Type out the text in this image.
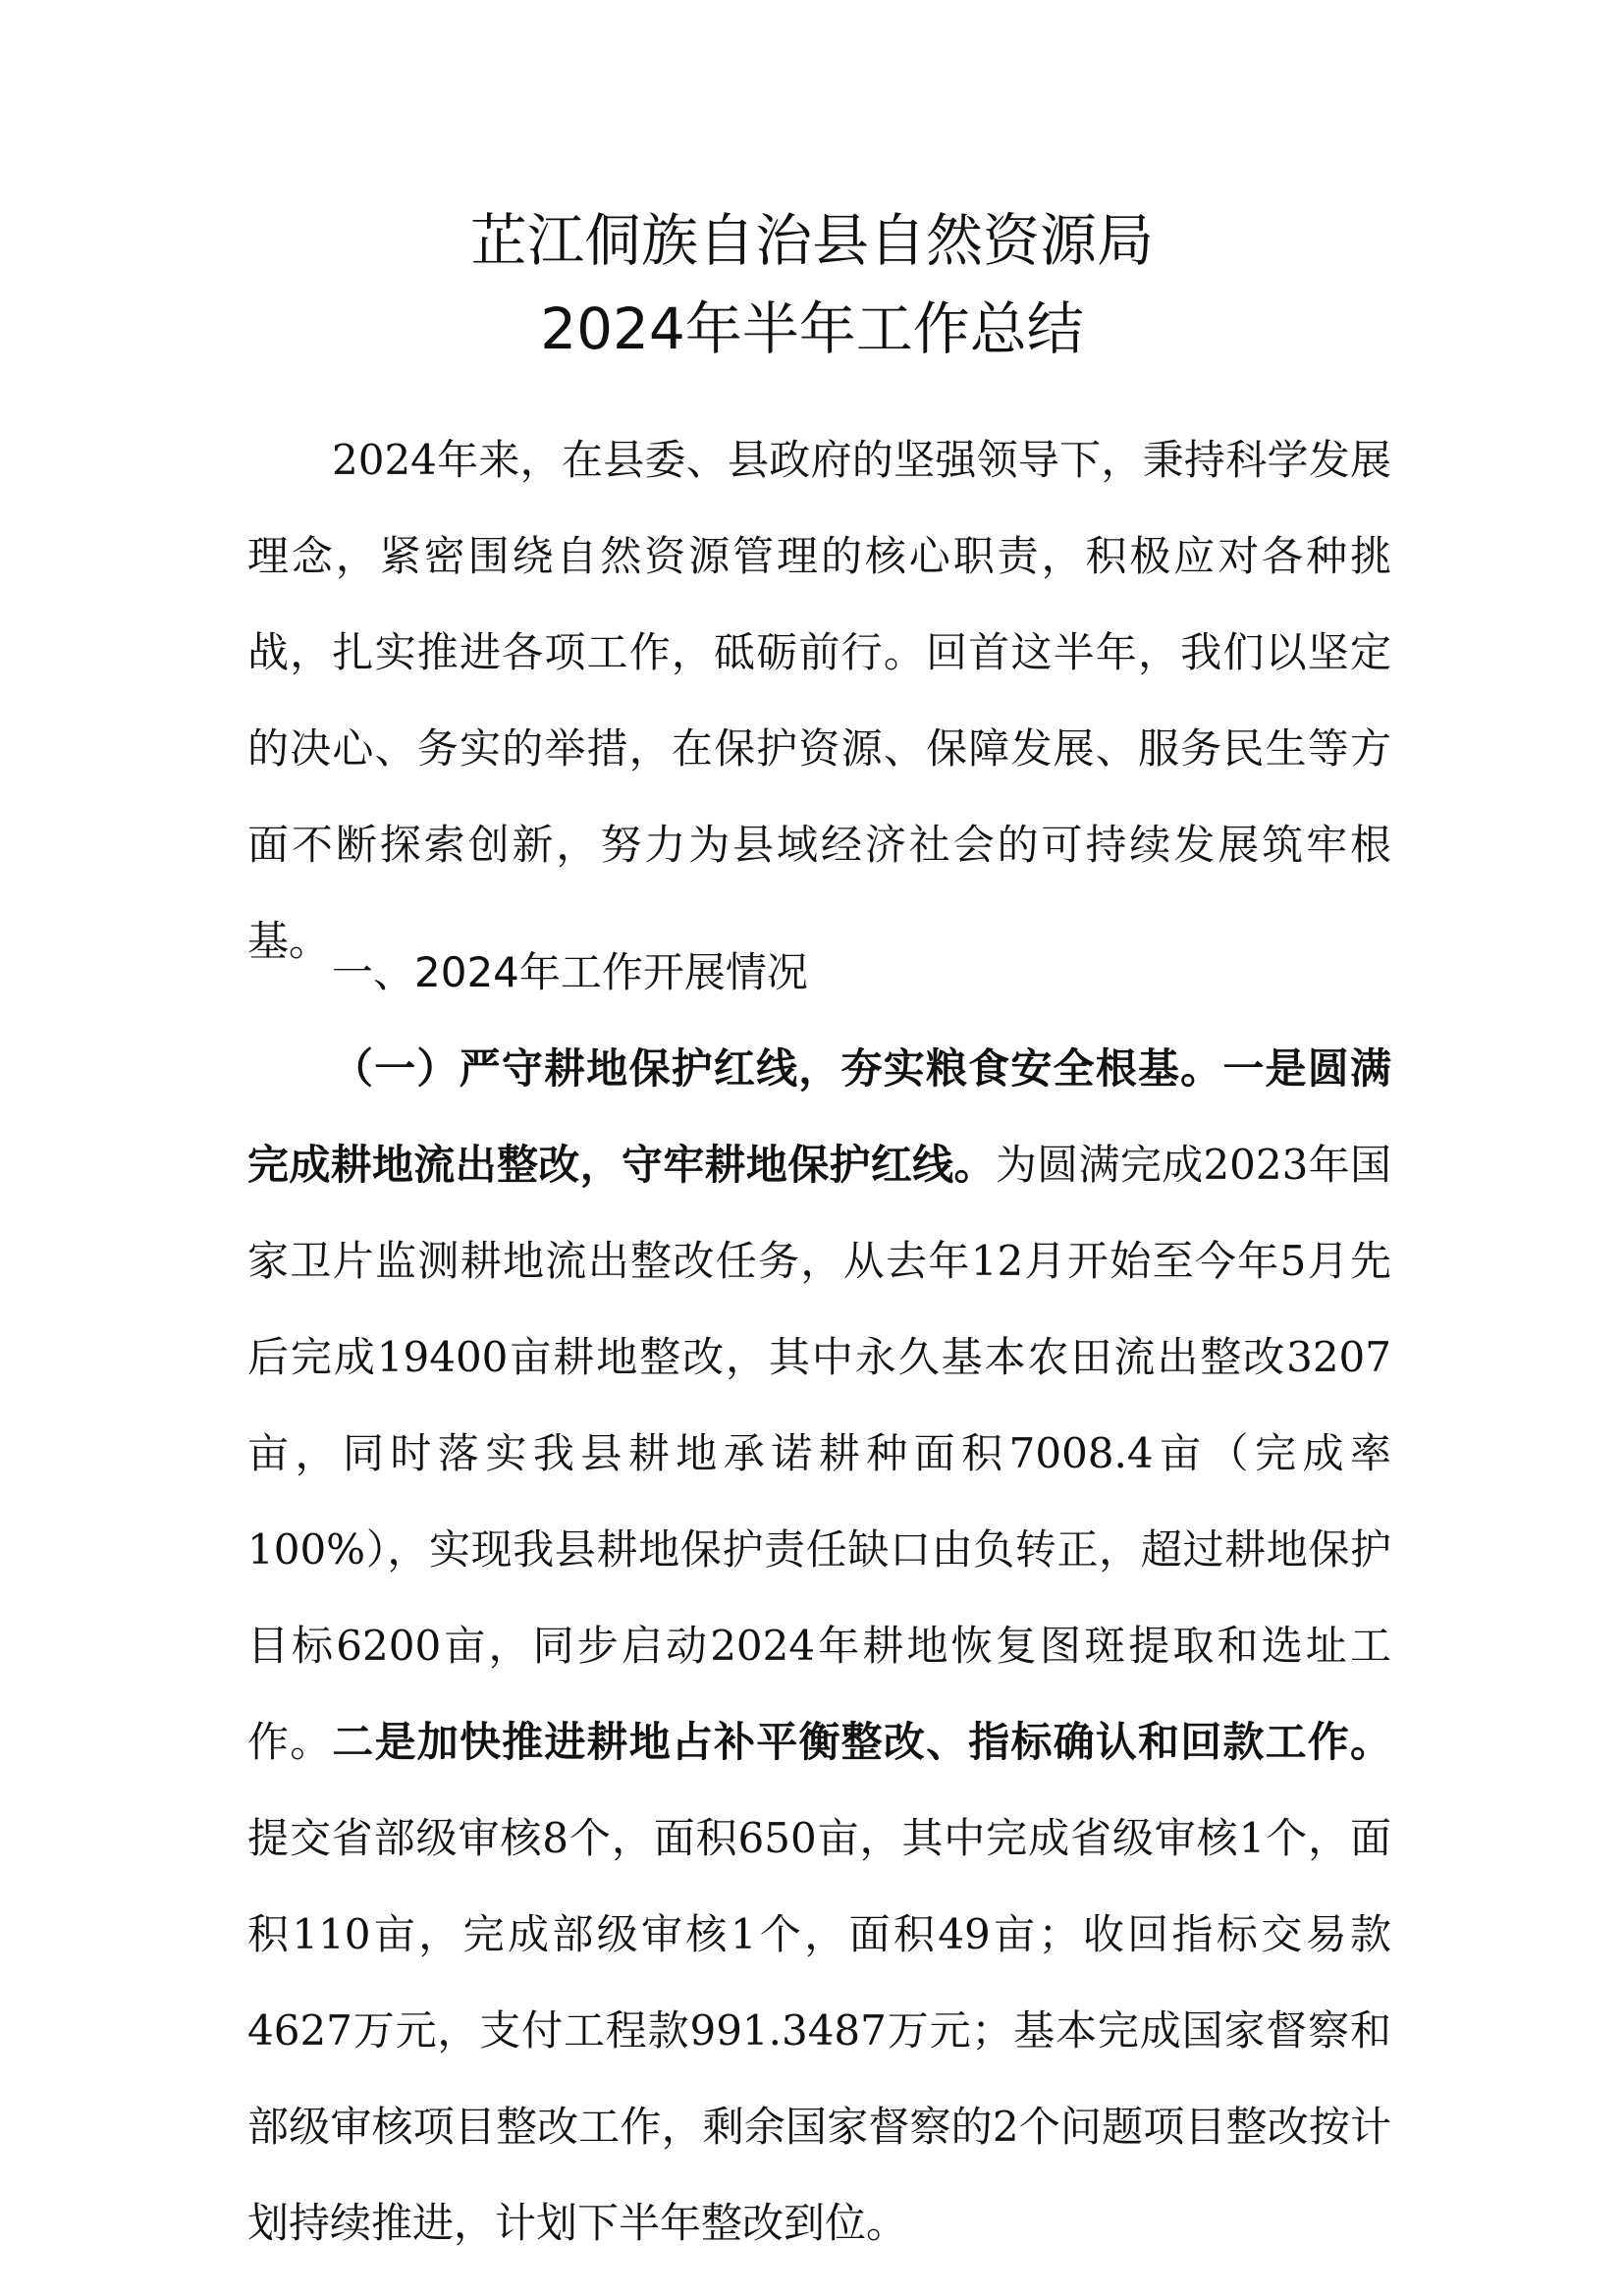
芷江侗族自治县自然资源局
2024年半年工作总结
2024年来，在县委、县政府的坚强领导下，秉持科学发展理念，紧密围绕自然资源管理的核心职责，积极应对各种挑战，扎实推进各项工作，砥砺前行。回首这半年，我们以坚定的决心、务实的举措，在保护资源、保障发展、服务民生等方面不断探索创新，努力为县域经济社会的可持续发展筑牢根基。
一、2024年工作开展情况
（一）严守耕地保护红线，夯实粮食安全根基。一是圆满完成耕地流出整改，守牢耕地保护红线。为圆满完成2023年国家卫片监测耕地流出整改任务，从去年12月开始至今年5月先后完成19400亩耕地整改，其中永久基本农田流出整改3207亩，同时落实我县耕地承诺耕种面积7008.4亩（完成率100%），实现我县耕地保护责任缺口由负转正，超过耕地保护目标6200亩，同步启动2024年耕地恢复图斑提取和选址工作。二是加快推进耕地占补平衡整改、指标确认和回款工作。提交省部级审核8个，面积650亩，其中完成省级审核1个，面积110亩，完成部级审核1个，面积49亩；收回指标交易款4627万元，支付工程款991.3487万元；基本完成国家督察和部级审核项目整改工作，剩余国家督察的2个问题项目整改按计划持续推进，计划下半年整改到位。
